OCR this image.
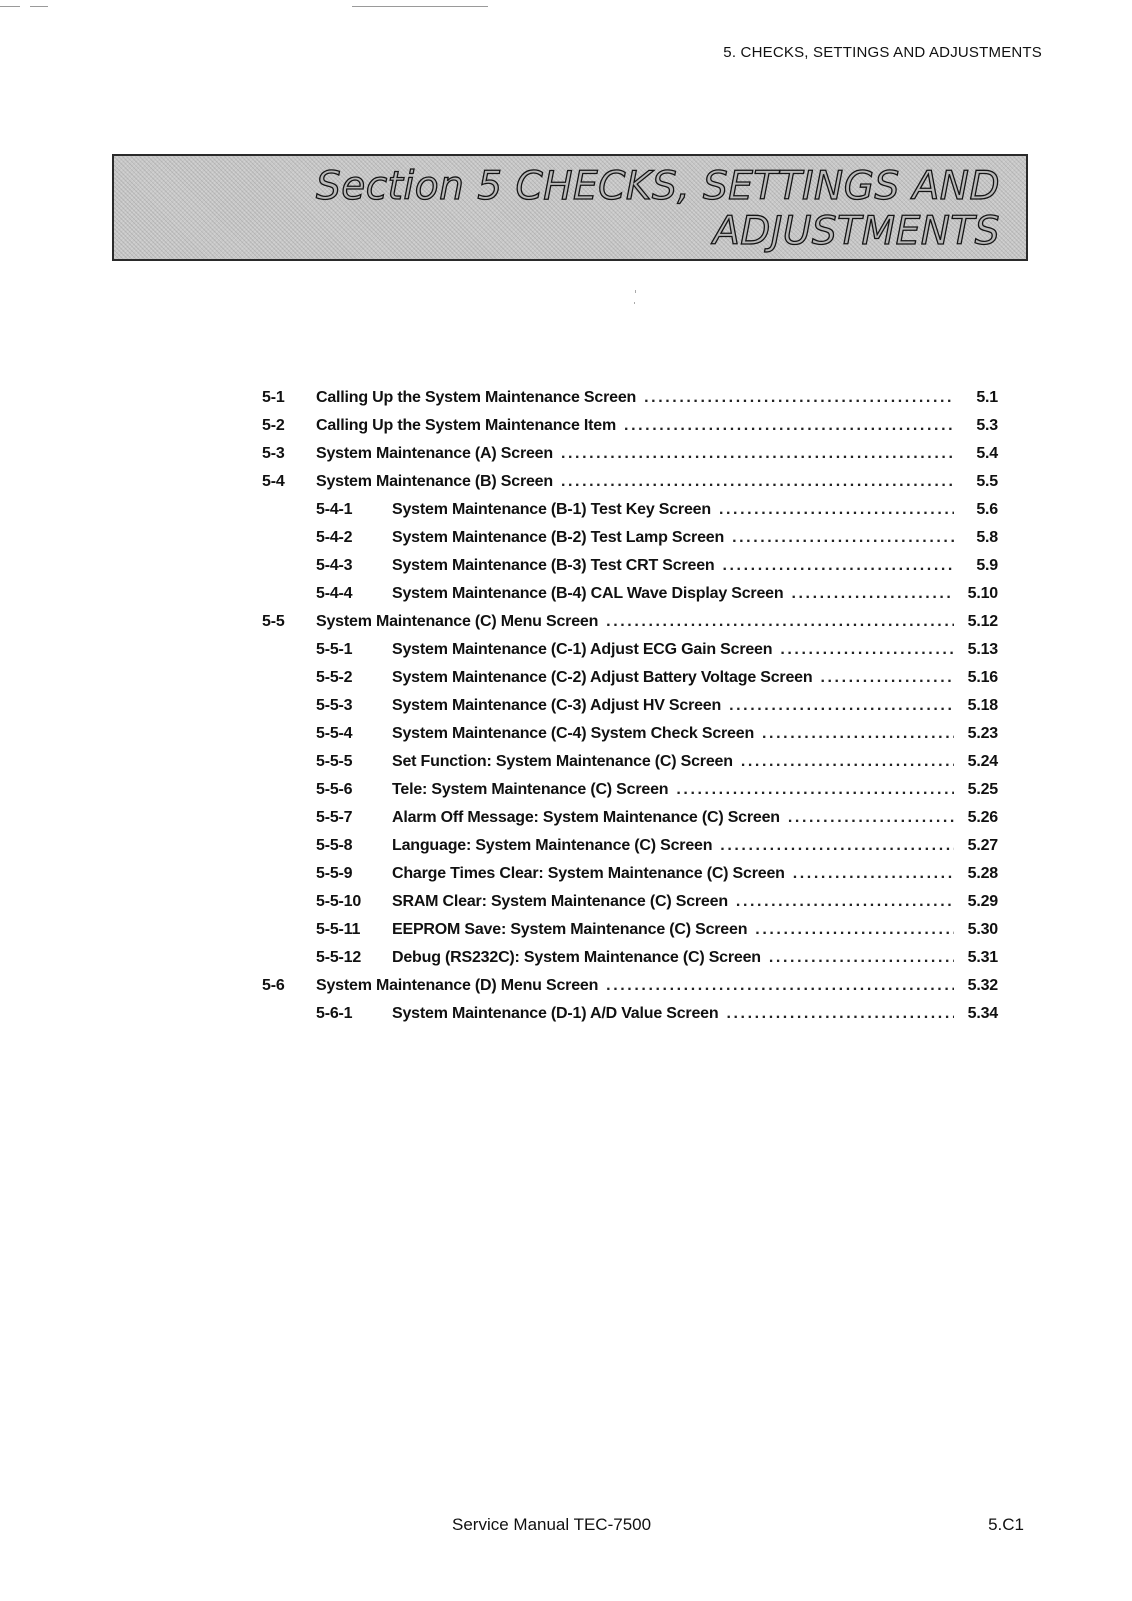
5. CHECKS, SETTINGS AND ADJUSTMENTS
Section 5 CHECKS, SETTINGS AND
ADJUSTMENTS
5-1	Calling Up the System Maintenance Screen .....	5.1
5-2	Calling Up the System Maintenance Item .....	5.3
5-3	System Maintenance (A) Screen .....	5.4
5-4	System Maintenance (B) Screen .....	5.5
5-4-1	System Maintenance (B-1) Test Key Screen .....	5.6
5-4-2	System Maintenance (B-2) Test Lamp Screen .....	5.8
5-4-3	System Maintenance (B-3) Test CRT Screen .....	5.9
5-4-4	System Maintenance (B-4) CAL Wave Display Screen .....	5.10
5-5	System Maintenance (C) Menu Screen .....	5.12
5-5-1	System Maintenance (C-1) Adjust ECG Gain Screen .....	5.13
5-5-2	System Maintenance (C-2) Adjust Battery Voltage Screen .....	5.16
5-5-3	System Maintenance (C-3) Adjust HV Screen .....	5.18
5-5-4	System Maintenance (C-4) System Check Screen .....	5.23
5-5-5	Set Function: System Maintenance (C) Screen .....	5.24
5-5-6	Tele: System Maintenance (C) Screen .....	5.25
5-5-7	Alarm Off Message: System Maintenance (C) Screen .....	5.26
5-5-8	Language: System Maintenance (C) Screen .....	5.27
5-5-9	Charge Times Clear: System Maintenance (C) Screen .....	5.28
5-5-10	SRAM Clear: System Maintenance (C) Screen .....	5.29
5-5-11	EEPROM Save: System Maintenance (C) Screen .....	5.30
5-5-12	Debug (RS232C): System Maintenance (C) Screen .....	5.31
5-6	System Maintenance (D) Menu Screen .....	5.32
5-6-1	System Maintenance (D-1) A/D Value Screen .....	5.34
Service Manual TEC-7500	5.C1
